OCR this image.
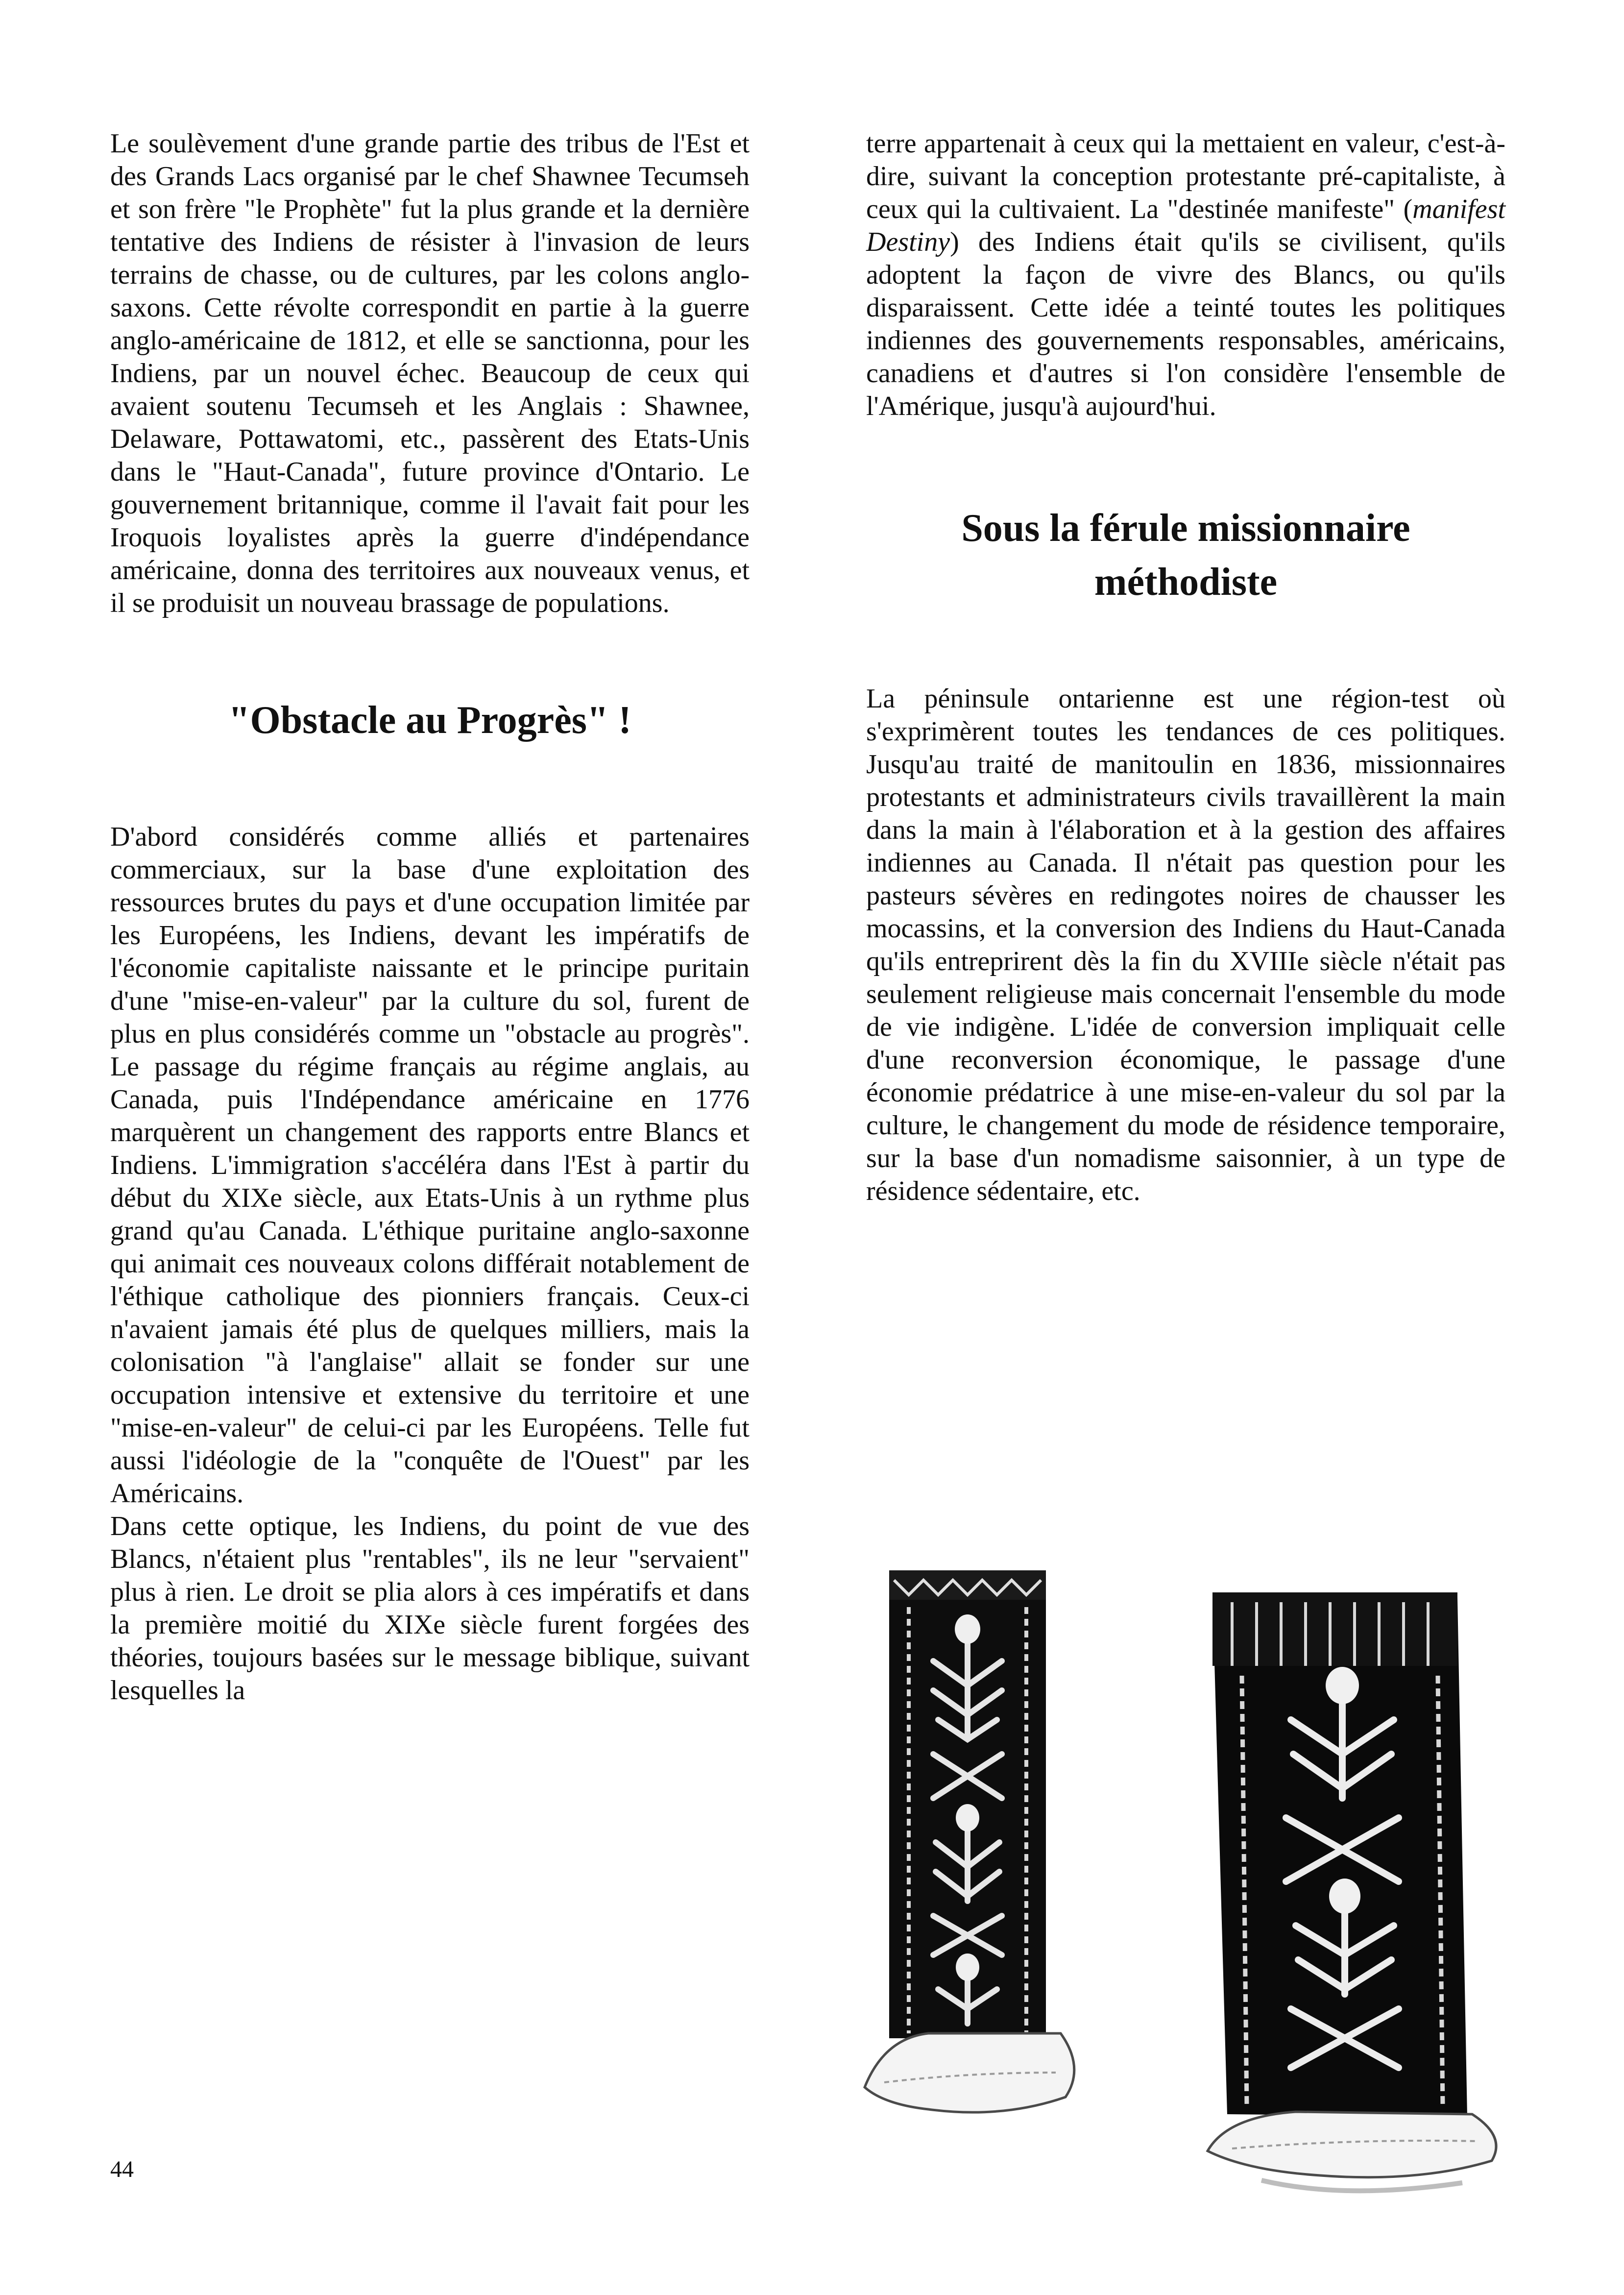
Le soulèvement d'une grande partie des tribus de l'Est et des Grands Lacs organisé par le chef Shawnee Tecumseh et son frère "le Prophète" fut la plus grande et la dernière tentative des Indiens de résister à l'invasion de leurs terrains de chasse, ou de cultures, par les colons anglo-saxons. Cette révolte correspondit en partie à la guerre anglo-américaine de 1812, et elle se sanctionna, pour les Indiens, par un nouvel échec. Beaucoup de ceux qui avaient soutenu Tecumseh et les Anglais : Shawnee, Delaware, Pottawatomi, etc., passèrent des Etats-Unis dans le "Haut-Canada", future province d'Ontario. Le gouvernement britannique, comme il l'avait fait pour les Iroquois loyalistes après la guerre d'indépendance américaine, donna des territoires aux nouveaux venus, et il se produisit un nouveau brassage de populations.

"Obstacle au Progrès" !

D'abord considérés comme alliés et partenaires commerciaux, sur la base d'une exploitation des ressources brutes du pays et d'une occupation limitée par les Européens, les Indiens, devant les impératifs de l'économie capitaliste naissante et le principe puritain d'une "mise-en-valeur" par la culture du sol, furent de plus en plus considérés comme un "obstacle au progrès". Le passage du régime français au régime anglais, au Canada, puis l'Indépendance américaine en 1776 marquèrent un changement des rapports entre Blancs et Indiens. L'immigration s'accéléra dans l'Est à partir du début du XIXe siècle, aux Etats-Unis à un rythme plus grand qu'au Canada. L'éthique puritaine anglo-saxonne qui animait ces nouveaux colons différait notablement de l'éthique catholique des pionniers français. Ceux-ci n'avaient jamais été plus de quelques milliers, mais la colonisation "à l'anglaise" allait se fonder sur une occupation intensive et extensive du territoire et une "mise-en-valeur" de celui-ci par les Européens. Telle fut aussi l'idéologie de la "conquête de l'Ouest" par les Américains.

Dans cette optique, les Indiens, du point de vue des Blancs, n'étaient plus "rentables", ils ne leur "servaient" plus à rien. Le droit se plia alors à ces impératifs et dans la première moitié du XIXe siècle furent forgées des théories, toujours basées sur le message biblique, suivant lesquelles la

terre appartenait à ceux qui la mettaient en valeur, c'est-à-dire, suivant la conception protestante pré-capitaliste, à ceux qui la cultivaient. La "destinée manifeste" (manifest Destiny) des Indiens était qu'ils se civilisent, qu'ils adoptent la façon de vivre des Blancs, ou qu'ils disparaissent. Cette idée a teinté toutes les politiques indiennes des gouvernements responsables, américains, canadiens et d'autres si l'on considère l'ensemble de l'Amérique, jusqu'à aujourd'hui.

Sous la férule missionnaire méthodiste

La péninsule ontarienne est une région-test où s'exprimèrent toutes les tendances de ces politiques. Jusqu'au traité de manitoulin en 1836, missionnaires protestants et administrateurs civils travaillèrent la main dans la main à l'élaboration et à la gestion des affaires indiennes au Canada. Il n'était pas question pour les pasteurs sévères en redingotes noires de chausser les mocassins, et la conversion des Indiens du Haut-Canada qu'ils entreprirent dès la fin du XVIIIe siècle n'était pas seulement religieuse mais concernait l'ensemble du mode de vie indigène. L'idée de conversion impliquait celle d'une reconversion économique, le passage d'une économie prédatrice à une mise-en-valeur du sol par la culture, le changement du mode de résidence temporaire, sur la base d'un nomadisme saisonnier, à un type de résidence sédentaire, etc.

44
